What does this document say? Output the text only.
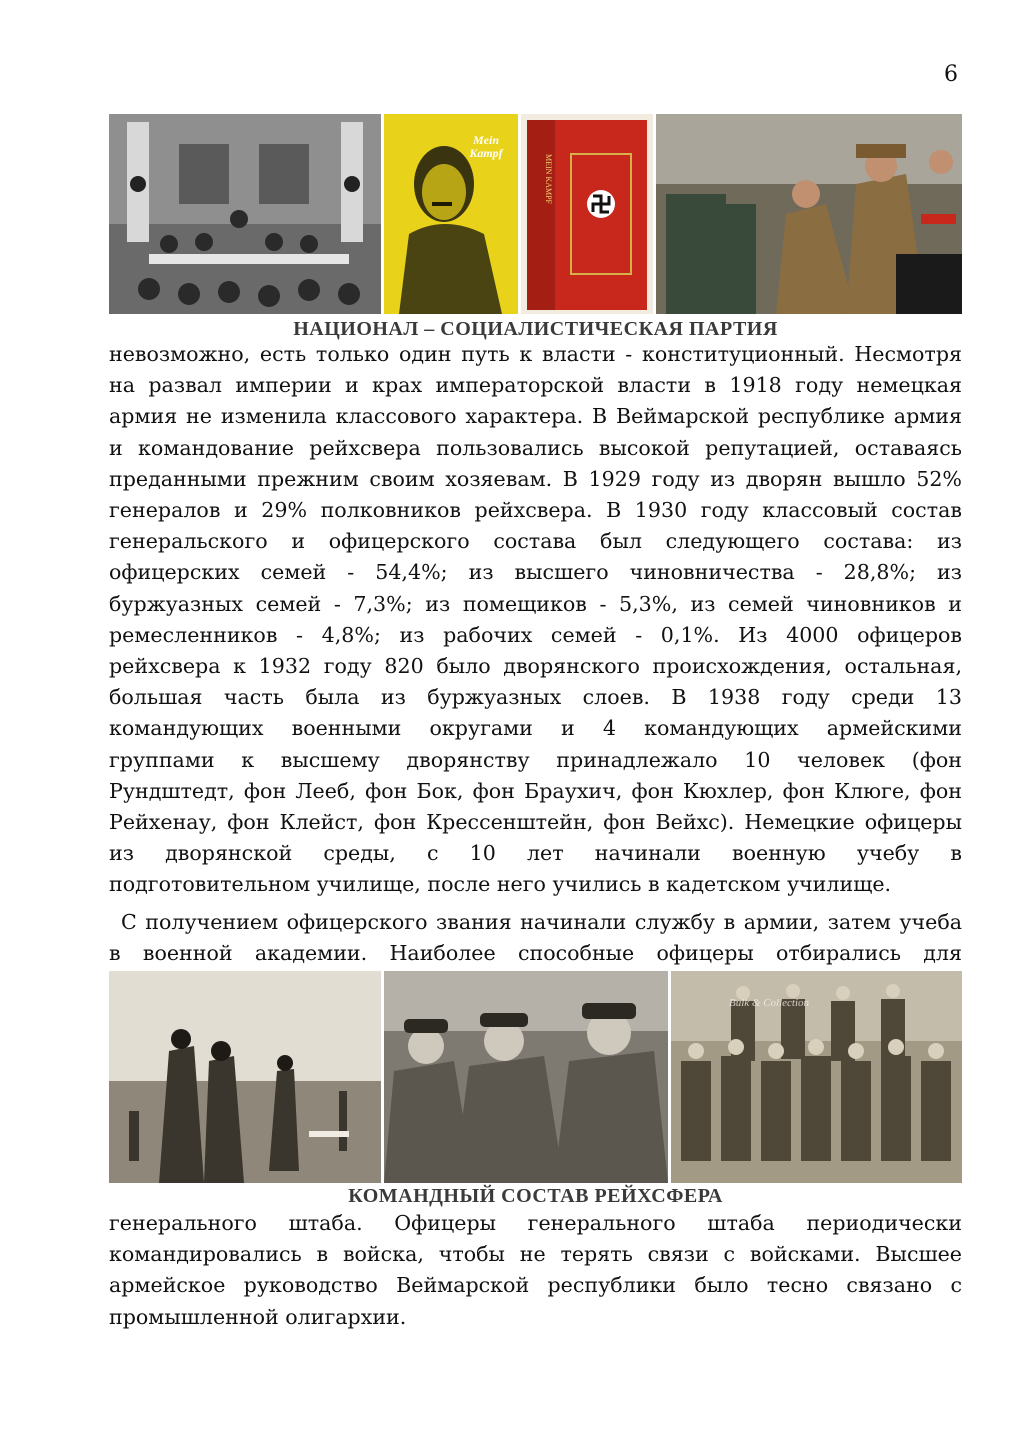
6
Mein Kampf
MEIN KAMPF
НАЦИОНАЛ – СОЦИАЛИСТИЧЕСКАЯ ПАРТИЯ
невозможно, есть только один путь к власти - конституционный. Несмотря
на развал империи и крах императорской власти в 1918 году немецкая
армия не изменила классового характера. В Веймарской республике армия
и командование рейхсвера пользовались высокой репутацией, оставаясь
преданными прежним своим хозяевам. В 1929 году из дворян вышло 52%
генералов и 29% полковников рейхсвера. В 1930 году классовый состав
генеральского и офицерского состава был следующего состава: из
офицерских семей - 54,4%; из высшего чиновничества - 28,8%; из
буржуазных семей - 7,3%; из помещиков - 5,3%, из семей чиновников и
ремесленников - 4,8%; из рабочих семей - 0,1%. Из 4000 офицеров
рейхсвера к 1932 году 820 было дворянского происхождения, остальная,
большая часть была из буржуазных слоев. В 1938 году среди 13
командующих военными округами и 4 командующих армейскими
группами к высшему дворянству принадлежало 10 человек (фон
Рундштедт, фон Лееб, фон Бок, фон Браухич, фон Кюхлер, фон Клюге, фон
Рейхенау, фон Клейст, фон Крессенштейн, фон Вейхс). Немецкие офицеры
из дворянской среды, с 10 лет начинали военную учебу в
подготовительном училище, после него учились в кадетском училище.
С получением офицерского звания начинали службу в армии, затем учеба
в военной академии. Наиболее способные офицеры отбирались для
Bulk & Collection
КОМАНДНЫЙ СОСТАВ РЕЙХСФЕРА
генерального штаба. Офицеры генерального штаба периодически
командировались в войска, чтобы не терять связи с войсками. Высшее
армейское руководство Веймарской республики было тесно связано с
промышленной олигархии.
